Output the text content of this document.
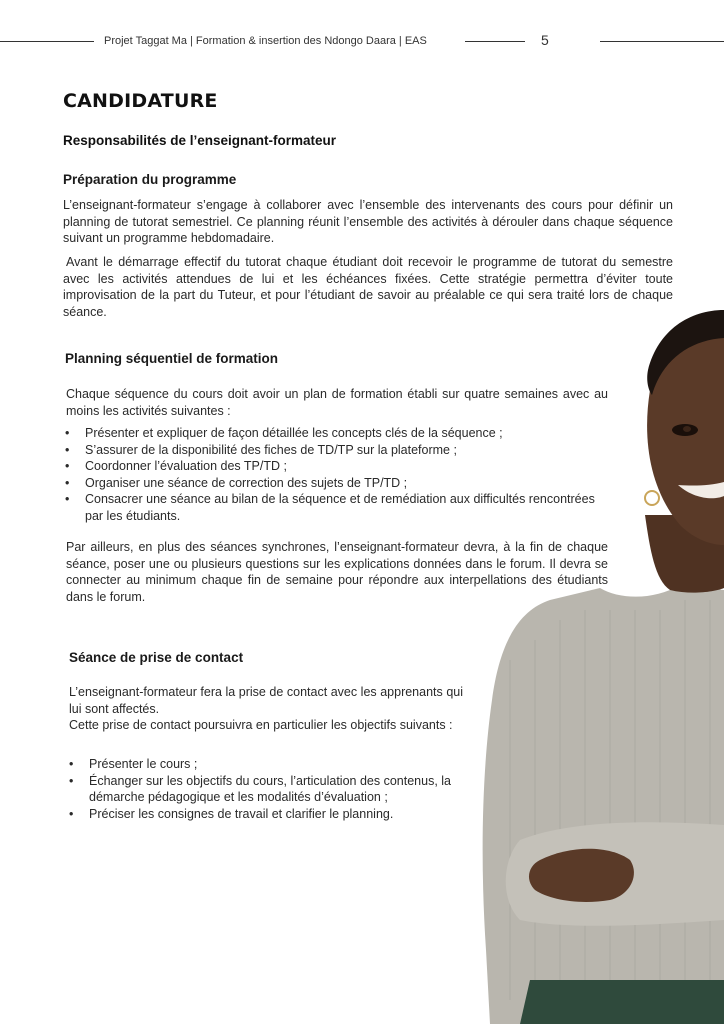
Projet Taggat Ma | Formation & insertion des Ndongo Daara | EAS	5
CANDIDATURE
Responsabilités de l’enseignant-formateur
Préparation du programme

L’enseignant-formateur s’engage à collaborer avec l’ensemble des intervenants des cours pour définir un planning de tutorat semestriel. Ce planning réunit l’ensemble des activités à dérouler dans chaque séquence suivant un programme hebdomadaire.

Avant le démarrage effectif du tutorat chaque étudiant doit recevoir le programme de tutorat du semestre avec les activités attendues de lui et les échéances fixées. Cette stratégie permettra d’éviter toute improvisation de la part du Tuteur, et pour l’étudiant de savoir au préalable ce qui sera traité lors de chaque séance.

Planning séquentiel de formation

Chaque séquence du cours doit avoir un plan de formation établi sur quatre semaines avec au moins les activités suivantes :

• Présenter et expliquer de façon détaillée les concepts clés de la séquence ;
• S’assurer de la disponibilité des fiches de TD/TP sur la plateforme ;
• Coordonner l’évaluation des TP/TD ;
• Organiser une séance de correction des sujets de TP/TD ;
• Consacrer une séance au bilan de la séquence et de remédiation aux difficultés rencontrées par les étudiants.

Par ailleurs, en plus des séances synchrones, l’enseignant-formateur devra, à la fin de chaque séance, poser une ou plusieurs questions sur les explications données dans le forum. Il devra se connecter au minimum chaque fin de semaine pour répondre aux interpellations des étudiants dans le forum.

Séance de prise de contact

L’enseignant-formateur fera la prise de contact avec les apprenants qui lui sont affectés.

Cette prise de contact poursuivra en particulier les objectifs suivants :

• Présenter le cours ;
• Échanger sur les objectifs du cours, l’articulation des contenus, la démarche pédagogique et les modalités d’évaluation ;
• Préciser les consignes de travail et clarifier le planning.
